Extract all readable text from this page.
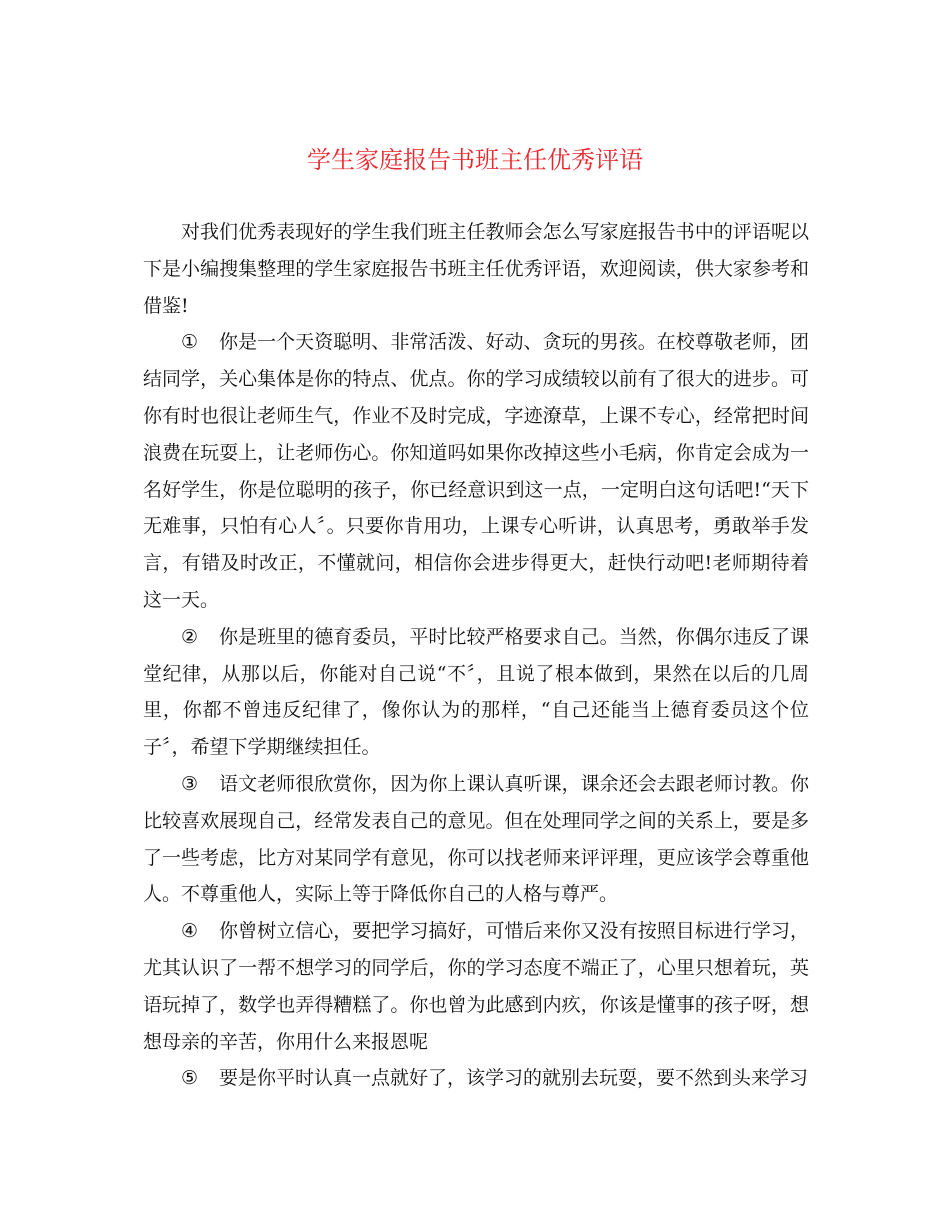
学生家庭报告书班主任优秀评语

对我们优秀表现好的学生我们班主任教师会怎么写家庭报告书中的评语呢以下是小编搜集整理的学生家庭报告书班主任优秀评语，欢迎阅读，供大家参考和借鉴!

① 你是一个天资聪明、非常活泼、好动、贪玩的男孩。在校尊敬老师，团结同学，关心集体是你的特点、优点。你的学习成绩较以前有了很大的进步。可你有时也很让老师生气，作业不及时完成，字迹潦草，上课不专心，经常把时间浪费在玩耍上，让老师伤心。你知道吗如果你改掉这些小毛病，你肯定会成为一名好学生，你是位聪明的孩子，你已经意识到这一点，一定明白这句话吧!“天下无难事，只怕有心人〞。只要你肯用功，上课专心听讲，认真思考，勇敢举手发言，有错及时改正，不懂就问，相信你会进步得更大，赶快行动吧!老师期待着这一天。

② 你是班里的德育委员，平时比较严格要求自己。当然，你偶尔违反了课堂纪律，从那以后，你能对自己说“不〞，且说了根本做到，果然在以后的几周里，你都不曾违反纪律了，像你认为的那样，“自己还能当上德育委员这个位子〞，希望下学期继续担任。

③ 语文老师很欣赏你，因为你上课认真听课，课余还会去跟老师讨教。你比较喜欢展现自己，经常发表自己的意见。但在处理同学之间的关系上，要是多了一些考虑，比方对某同学有意见，你可以找老师来评评理，更应该学会尊重他人。不尊重他人，实际上等于降低你自己的人格与尊严。

④ 你曾树立信心，要把学习搞好，可惜后来你又没有按照目标进行学习，尤其认识了一帮不想学习的同学后，你的学习态度不端正了，心里只想着玩，英语玩掉了，数学也弄得糟糕了。你也曾为此感到内疚，你该是懂事的孩子呀，想想母亲的辛苦，你用什么来报恩呢

⑤ 要是你平时认真一点就好了，该学习的就别去玩耍，要不然到头来学习
